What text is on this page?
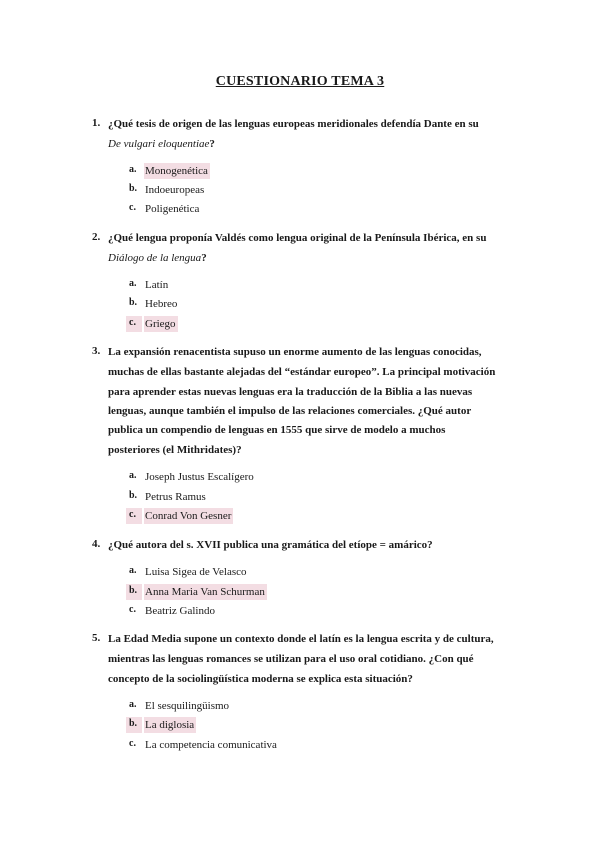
CUESTIONARIO TEMA 3
1. ¿Qué tesis de origen de las lenguas europeas meridionales defendía Dante en su
De vulgari eloquentiae?
a. Monogenética
b. Indoeuropeas
c. Poligenética
2. ¿Qué lengua proponía Valdés como lengua original de la Península Ibérica, en su
Diálogo de la lengua?
a. Latín
b. Hebreo
c. Griego
3. La expansión renacentista supuso un enorme aumento de las lenguas conocidas,
muchas de ellas bastante alejadas del “estándar europeo”. La principal motivación
para aprender estas nuevas lenguas era la traducción de la Biblia a las nuevas
lenguas, aunque también el impulso de las relaciones comerciales. ¿Qué autor
publica un compendio de lenguas en 1555 que sirve de modelo a muchos
posteriores (el Mithridates)?
a. Joseph Justus Escalígero
b. Petrus Ramus
c. Conrad Von Gesner
4. ¿Qué autora del s. XVII publica una gramática del etíope = amárico?
a. Luisa Sigea de Velasco
b. Anna Maria Van Schurman
c. Beatriz Galindo
5. La Edad Media supone un contexto donde el latín es la lengua escrita y de cultura,
mientras las lenguas romances se utilizan para el uso oral cotidiano. ¿Con qué
concepto de la sociolingüística moderna se explica esta situación?
a. El sesquilingüismo
b. La diglosia
c. La competencia comunicativa
